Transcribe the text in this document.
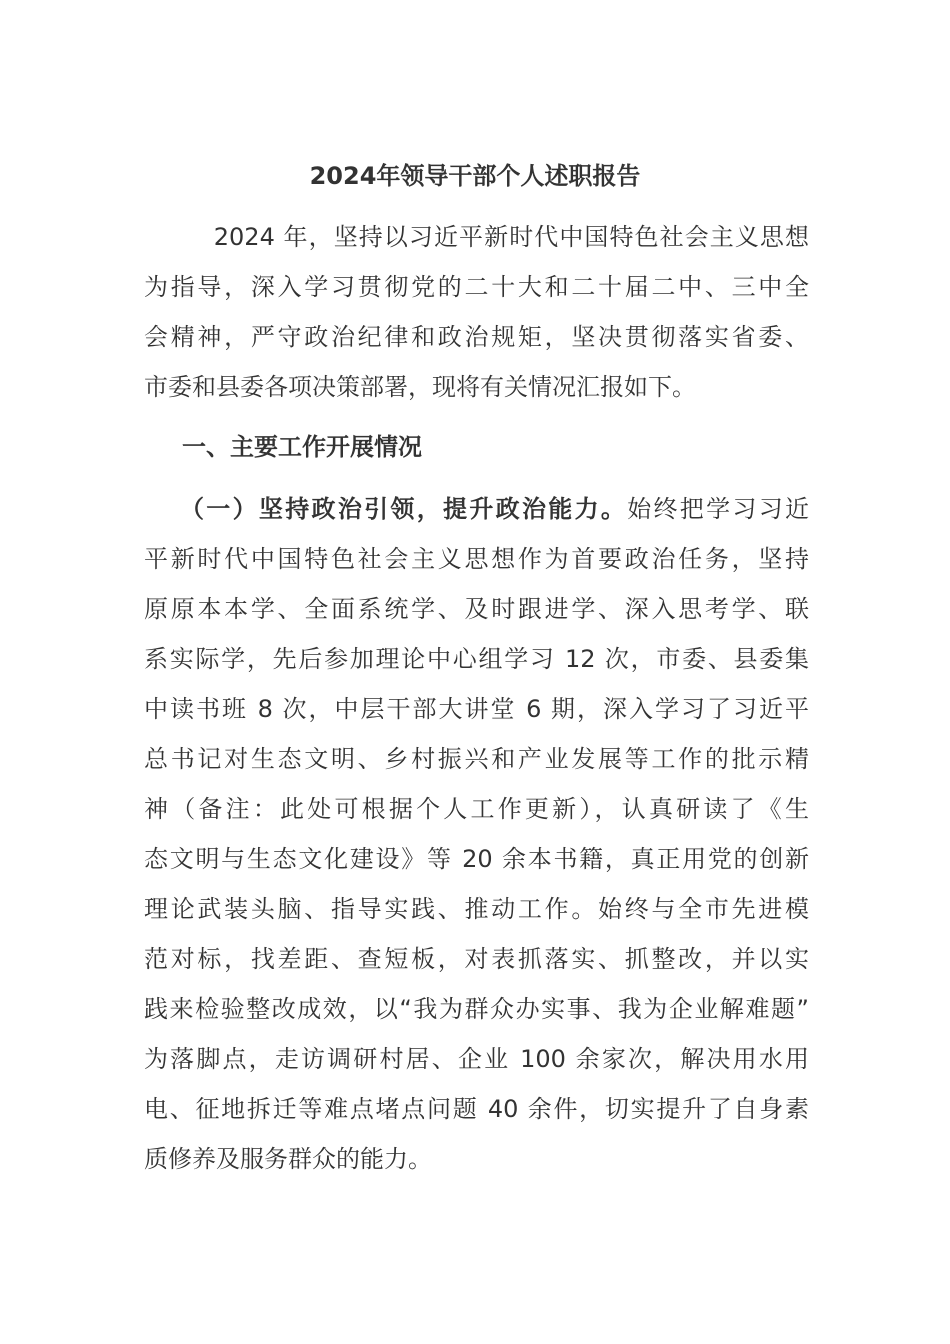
2024年领导干部个人述职报告
　 2024 年，坚持以习近平新时代中国特色社会主义思想
为指导，深入学习贯彻党的二十大和二十届二中、三中全
会精神，严守政治纪律和政治规矩，坚决贯彻落实省委、
市委和县委各项决策部署，现将有关情况汇报如下。
一、主要工作开展情况
（一）坚持政治引领，提升政治能力。始终把学习习近
平新时代中国特色社会主义思想作为首要政治任务，坚持
原原本本学、全面系统学、及时跟进学、深入思考学、联
系实际学，先后参加理论中心组学习 12 次，市委、县委集
中读书班 8 次，中层干部大讲堂 6 期，深入学习了习近平
总书记对生态文明、乡村振兴和产业发展等工作的批示精
神（备注：此处可根据个人工作更新），认真研读了《生
态文明与生态文化建设》等 20 余本书籍，真正用党的创新
理论武装头脑、指导实践、推动工作。始终与全市先进模
范对标，找差距、查短板，对表抓落实、抓整改，并以实
践来检验整改成效，以“我为群众办实事、我为企业解难题”
为落脚点，走访调研村居、企业 100 余家次，解决用水用
电、征地拆迁等难点堵点问题 40 余件，切实提升了自身素
质修养及服务群众的能力。
